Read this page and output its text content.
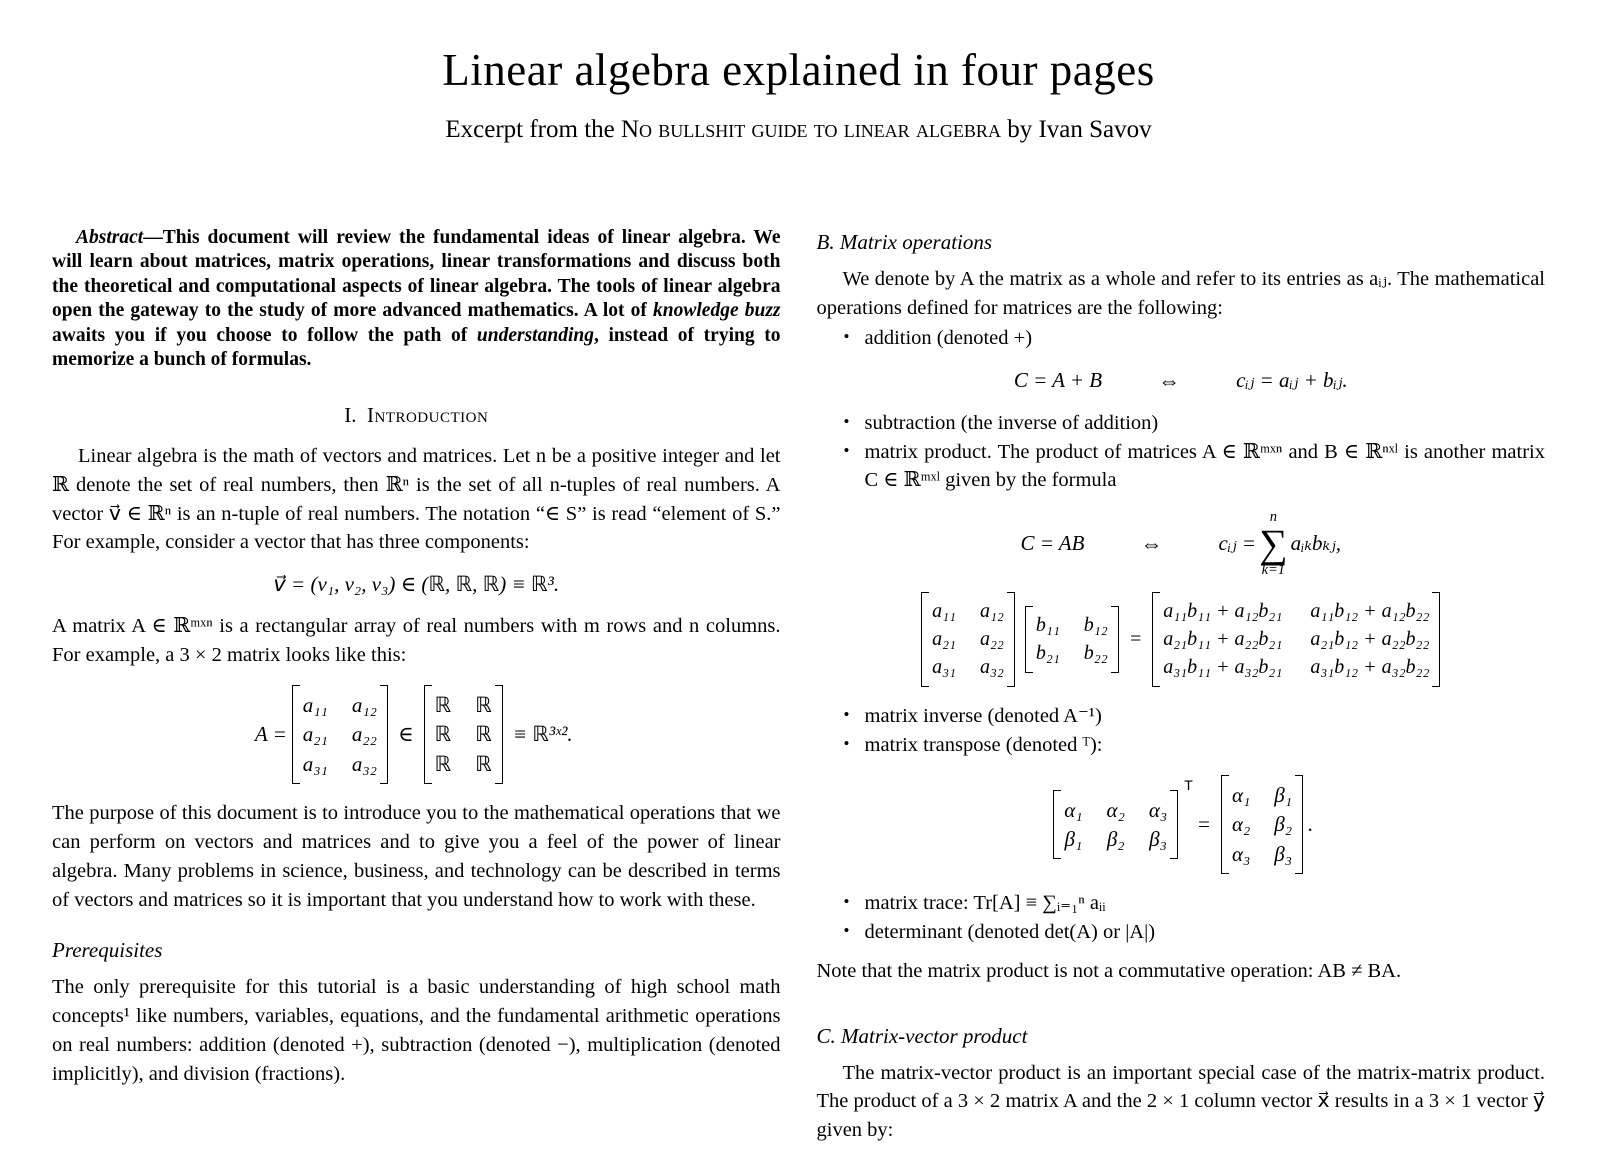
Linear algebra explained in four pages
Excerpt from the No bullshit guide to linear algebra by Ivan Savov

Abstract—This document will review the fundamental ideas of linear algebra. We will learn about matrices, matrix operations, linear transformations and discuss both the theoretical and computational aspects of linear algebra. The tools of linear algebra open the gateway to the study of more advanced mathematics. A lot of knowledge buzz awaits you if you choose to follow the path of understanding, instead of trying to memorize a bunch of formulas.

I. Introduction

Linear algebra is the math of vectors and matrices. Let n be a positive integer and let ℝ denote the set of real numbers, then ℝⁿ is the set of all n-tuples of real numbers. A vector v⃗ ∈ ℝⁿ is an n-tuple of real numbers. The notation “∈ S” is read “element of S.” For example, consider a vector that has three components:

v⃗ = (v₁, v₂, v₃) ∈ (ℝ, ℝ, ℝ) ≡ ℝ³.

A matrix A ∈ ℝᵐˣⁿ is a rectangular array of real numbers with m rows and n columns. For example, a 3 × 2 matrix looks like this:

A =
a₁₁ a₁₂
a₂₁ a₂₂
a₃₁ a₃₂
∈
ℝ ℝ
ℝ ℝ
ℝ ℝ
≡ ℝ³ˣ².

The purpose of this document is to introduce you to the mathematical operations that we can perform on vectors and matrices and to give you a feel of the power of linear algebra. Many problems in science, business, and technology can be described in terms of vectors and matrices so it is important that you understand how to work with these.

Prerequisites

The only prerequisite for this tutorial is a basic understanding of high school math concepts¹ like numbers, variables, equations, and the fundamental arithmetic operations on real numbers: addition (denoted +), subtraction (denoted −), multiplication (denoted implicitly), and division (fractions).

B. Matrix operations

We denote by A the matrix as a whole and refer to its entries as aᵢⱼ. The mathematical operations defined for matrices are the following:

• addition (denoted +)
C = A + B	⇔	cᵢⱼ = aᵢⱼ + bᵢⱼ.
• subtraction (the inverse of addition)
• matrix product. The product of matrices A ∈ ℝᵐˣⁿ and B ∈ ℝⁿˣˡ is another matrix C ∈ ℝᵐˣˡ given by the formula
C = AB	⇔	cᵢⱼ =
n
∑
k=1
aᵢₖbₖⱼ,
a₁₁ a₁₂
a₂₁ a₂₂
a₃₁ a₃₂
b₁₁ b₁₂
b₂₁ b₂₂
=
a₁₁b₁₁ + a₁₂b₂₁ a₁₁b₁₂ + a₁₂b₂₂
a₂₁b₁₁ + a₂₂b₂₁ a₂₁b₁₂ + a₂₂b₂₂
a₃₁b₁₁ + a₃₂b₂₁ a₃₁b₁₂ + a₃₂b₂₂
• matrix inverse (denoted A⁻¹)
• matrix transpose (denoted ᵀ):
α₁ α₂ α₃
β₁ β₂ β₃
T
=
α₁ β₁
α₂ β₂
α₃ β₃
.
• matrix trace: Tr[A] ≡ ∑ᵢ₌₁ⁿ aᵢᵢ
• determinant (denoted det(A) or |A|)

Note that the matrix product is not a commutative operation: AB ≠ BA.

C. Matrix-vector product

The matrix-vector product is an important special case of the matrix-matrix product. The product of a 3 × 2 matrix A and the 2 × 1 column vector x⃗ results in a 3 × 1 vector y⃗ given by:
